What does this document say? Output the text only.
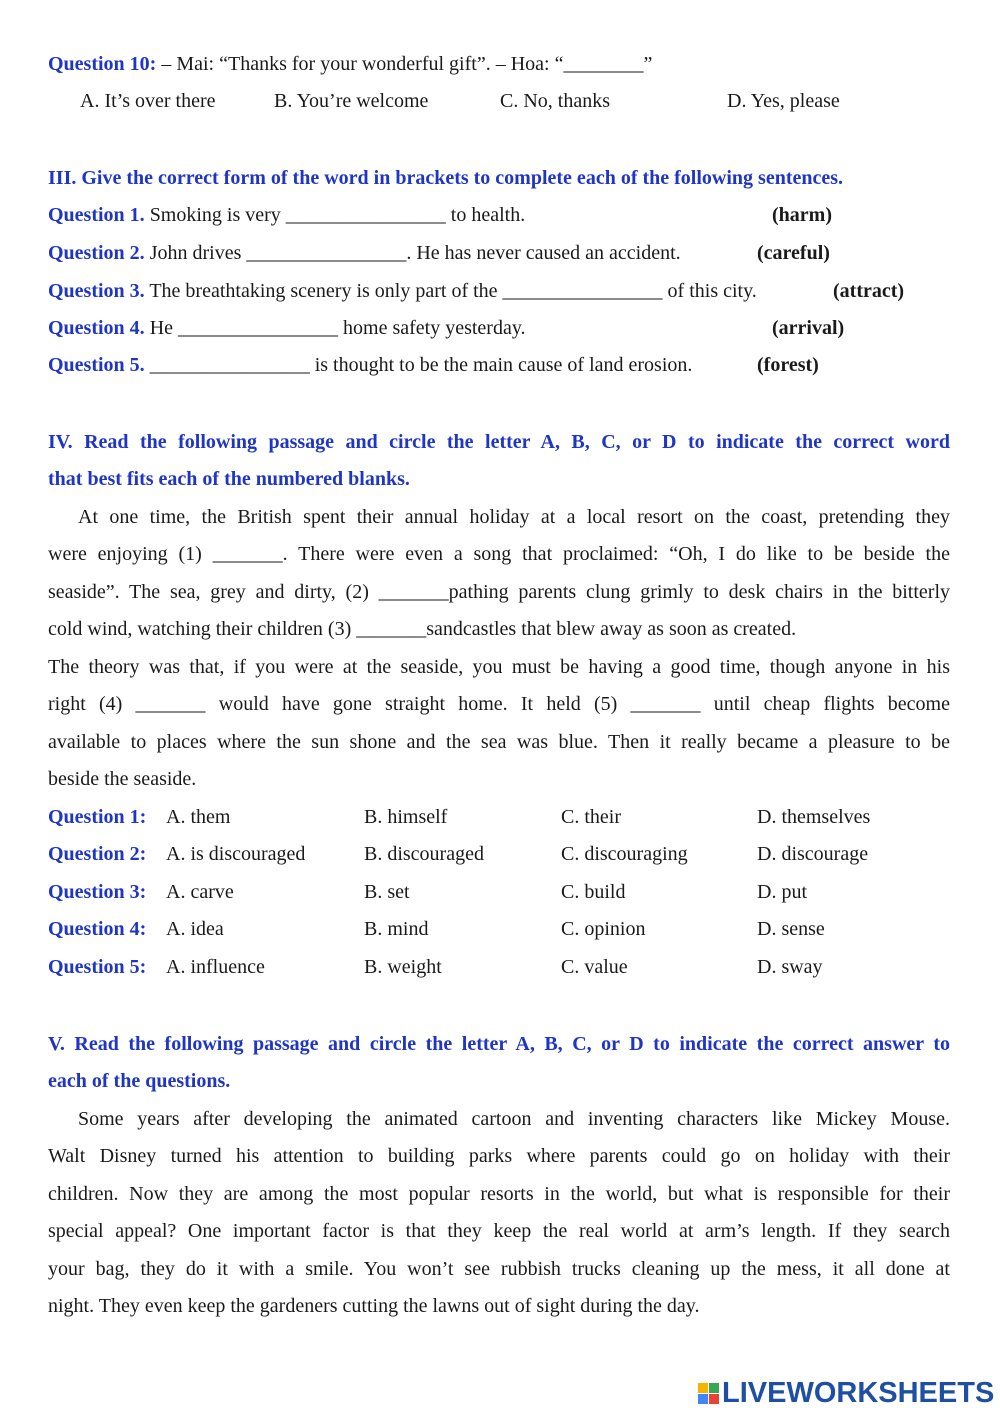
Question 10: – Mai: “Thanks for your wonderful gift”. – Hoa: “________”
A. It’s over there	B. You’re welcome	C. No, thanks	D. Yes, please
III. Give the correct form of the word in brackets to complete each of the following sentences.
Question 1. Smoking is very ________________ to health.	(harm)
Question 2. John drives ________________. He has never caused an accident.	(careful)
Question 3. The breathtaking scenery is only part of the ________________ of this city.	(attract)
Question 4. He ________________ home safety yesterday.	(arrival)
Question 5. ________________ is thought to be the main cause of land erosion.	(forest)
IV. Read the following passage and circle the letter A, B, C, or D to indicate the correct word
that best fits each of the numbered blanks.
At one time, the British spent their annual holiday at a local resort on the coast, pretending they
were enjoying (1) _______. There were even a song that proclaimed: “Oh, I do like to be beside the
seaside”. The sea, grey and dirty, (2) _______pathing parents clung grimly to desk chairs in the bitterly
cold wind, watching their children (3) _______sandcastles that blew away as soon as created.
The theory was that, if you were at the seaside, you must be having a good time, though anyone in his
right (4) _______ would have gone straight home. It held (5) _______ until cheap flights become
available to places where the sun shone and the sea was blue. Then it really became a pleasure to be
beside the seaside.
Question 1: A. them	B. himself	C. their	D. themselves
Question 2: A. is discouraged	B. discouraged	C. discouraging	D. discourage
Question 3: A. carve	B. set	C. build	D. put
Question 4: A. idea	B. mind	C. opinion	D. sense
Question 5: A. influence	B. weight	C. value	D. sway
V. Read the following passage and circle the letter A, B, C, or D to indicate the correct answer to
each of the questions.
Some years after developing the animated cartoon and inventing characters like Mickey Mouse.
Walt Disney turned his attention to building parks where parents could go on holiday with their
children. Now they are among the most popular resorts in the world, but what is responsible for their
special appeal? One important factor is that they keep the real world at arm’s length. If they search
your bag, they do it with a smile. You won’t see rubbish trucks cleaning up the mess, it all done at
night. They even keep the gardeners cutting the lawns out of sight during the day.
LIVEWORKSHEETS
